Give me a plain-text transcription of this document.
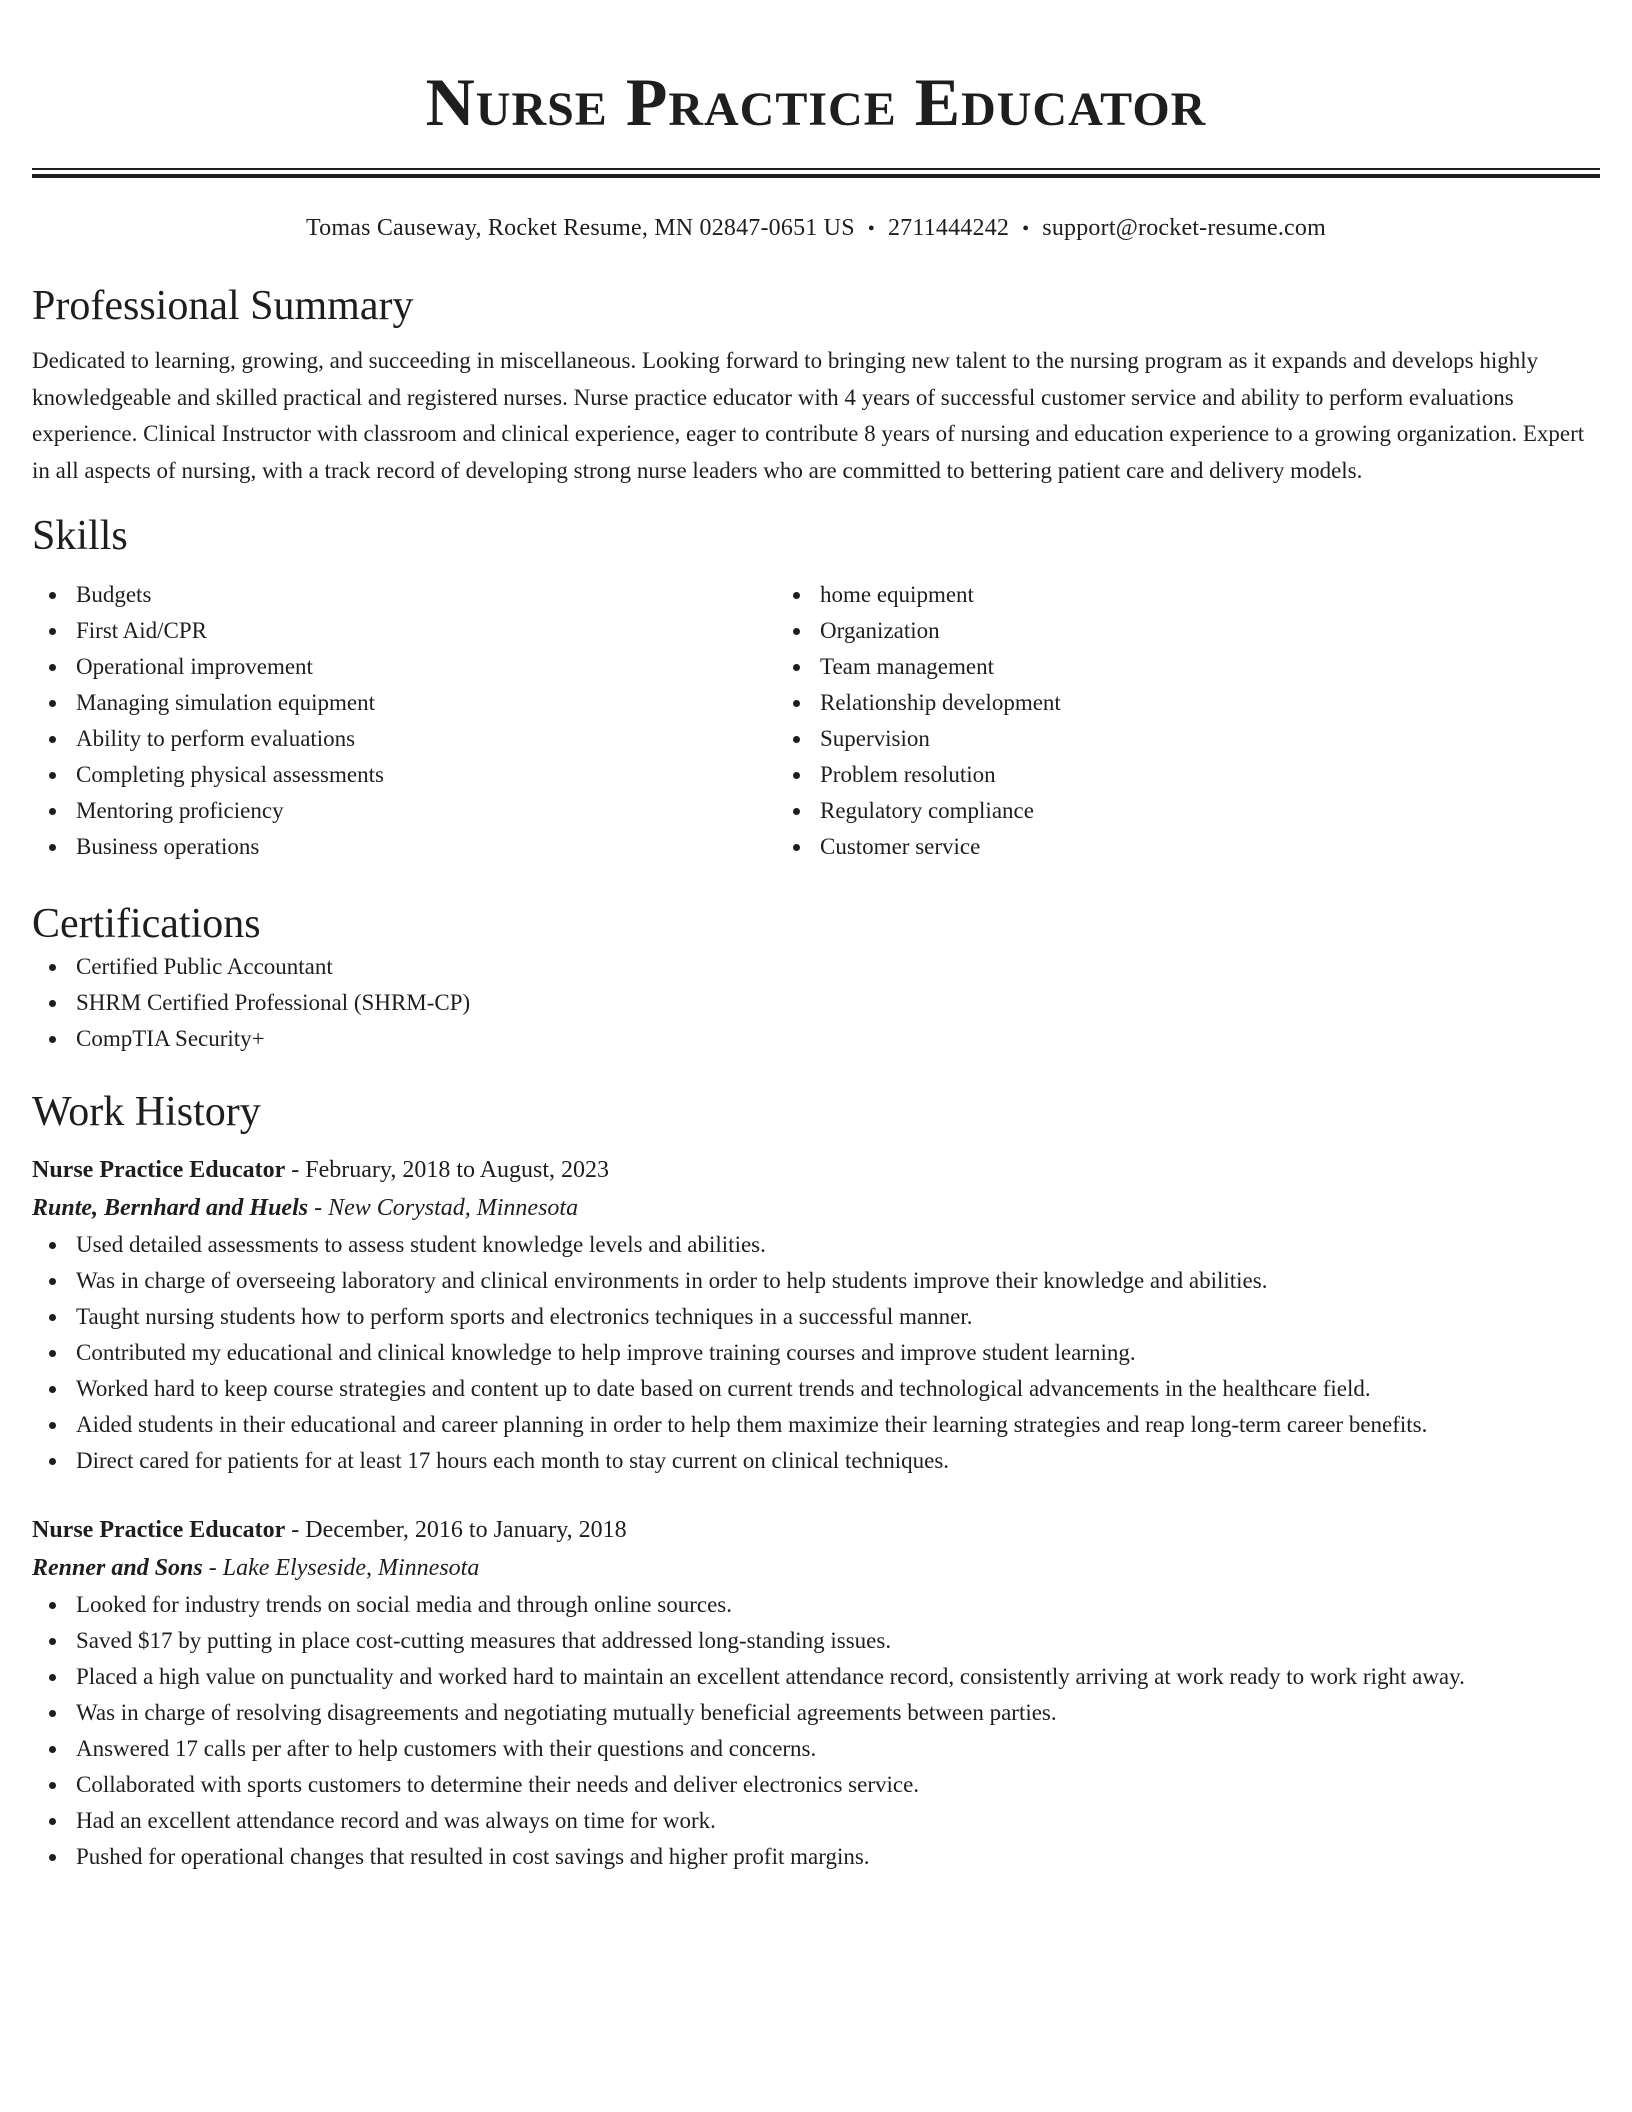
Nurse Practice Educator
Tomas Causeway, Rocket Resume, MN 02847-0651 US • 2711444242 • support@rocket-resume.com
Professional Summary

Dedicated to learning, growing, and succeeding in miscellaneous. Looking forward to bringing new talent to the nursing program as it expands and develops highly knowledgeable and skilled practical and registered nurses. Nurse practice educator with 4 years of successful customer service and ability to perform evaluations experience. Clinical Instructor with classroom and clinical experience, eager to contribute 8 years of nursing and education experience to a growing organization. Expert in all aspects of nursing, with a track record of developing strong nurse leaders who are committed to bettering patient care and delivery models.

Skills
Budgets
First Aid/CPR
Operational improvement
Managing simulation equipment
Ability to perform evaluations
Completing physical assessments
Mentoring proficiency
Business operations
home equipment
Organization
Team management
Relationship development
Supervision
Problem resolution
Regulatory compliance
Customer service
Certifications
Certified Public Accountant
SHRM Certified Professional (SHRM-CP)
CompTIA Security+
Work History
Nurse Practice Educator - February, 2018 to August, 2023
Runte, Bernhard and Huels - New Corystad, Minnesota
Used detailed assessments to assess student knowledge levels and abilities.
Was in charge of overseeing laboratory and clinical environments in order to help students improve their knowledge and abilities.
Taught nursing students how to perform sports and electronics techniques in a successful manner.
Contributed my educational and clinical knowledge to help improve training courses and improve student learning.
Worked hard to keep course strategies and content up to date based on current trends and technological advancements in the healthcare field.
Aided students in their educational and career planning in order to help them maximize their learning strategies and reap long-term career benefits.
Direct cared for patients for at least 17 hours each month to stay current on clinical techniques.
Nurse Practice Educator - December, 2016 to January, 2018
Renner and Sons - Lake Elyseside, Minnesota
Looked for industry trends on social media and through online sources.
Saved $17 by putting in place cost-cutting measures that addressed long-standing issues.
Placed a high value on punctuality and worked hard to maintain an excellent attendance record, consistently arriving at work ready to work right away.
Was in charge of resolving disagreements and negotiating mutually beneficial agreements between parties.
Answered 17 calls per after to help customers with their questions and concerns.
Collaborated with sports customers to determine their needs and deliver electronics service.
Had an excellent attendance record and was always on time for work.
Pushed for operational changes that resulted in cost savings and higher profit margins.
